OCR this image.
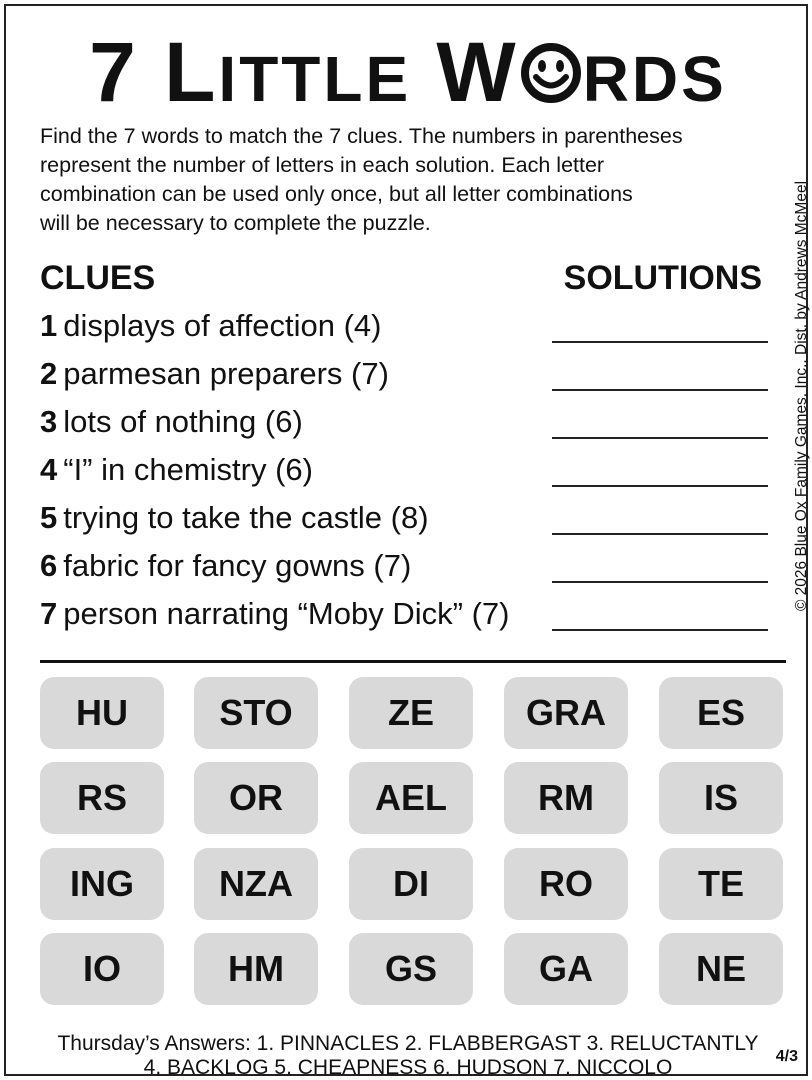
7 LITTLE W RDS
Find the 7 words to match the 7 clues. The numbers in parentheses
represent the number of letters in each solution. Each letter
combination can be used only once, but all letter combinations
will be necessary to complete the puzzle.	© 2026 Blue Ox Family Games, Inc., Dist. by Andrews McMeel
CLUES	SOLUTIONS
1 displays of affection (4)
2 parmesan preparers (7)
3 lots of nothing (6)
4 “I” in chemistry (6)
5 trying to take the castle (8)
6 fabric for fancy gowns (7)
7 person narrating “Moby Dick” (7)
HU	STO	ZE	GRA	ES
RS	OR	AEL	RM	IS
ING	NZA	DI	RO	TE
IO	HM	GS	GA	NE
Thursday’s Answers: 1. PINNACLES 2. FLABBERGAST 3. RELUCTANTLY
4. BACKLOG 5. CHEAPNESS 6. HUDSON 7. NICCOLO	4/3
